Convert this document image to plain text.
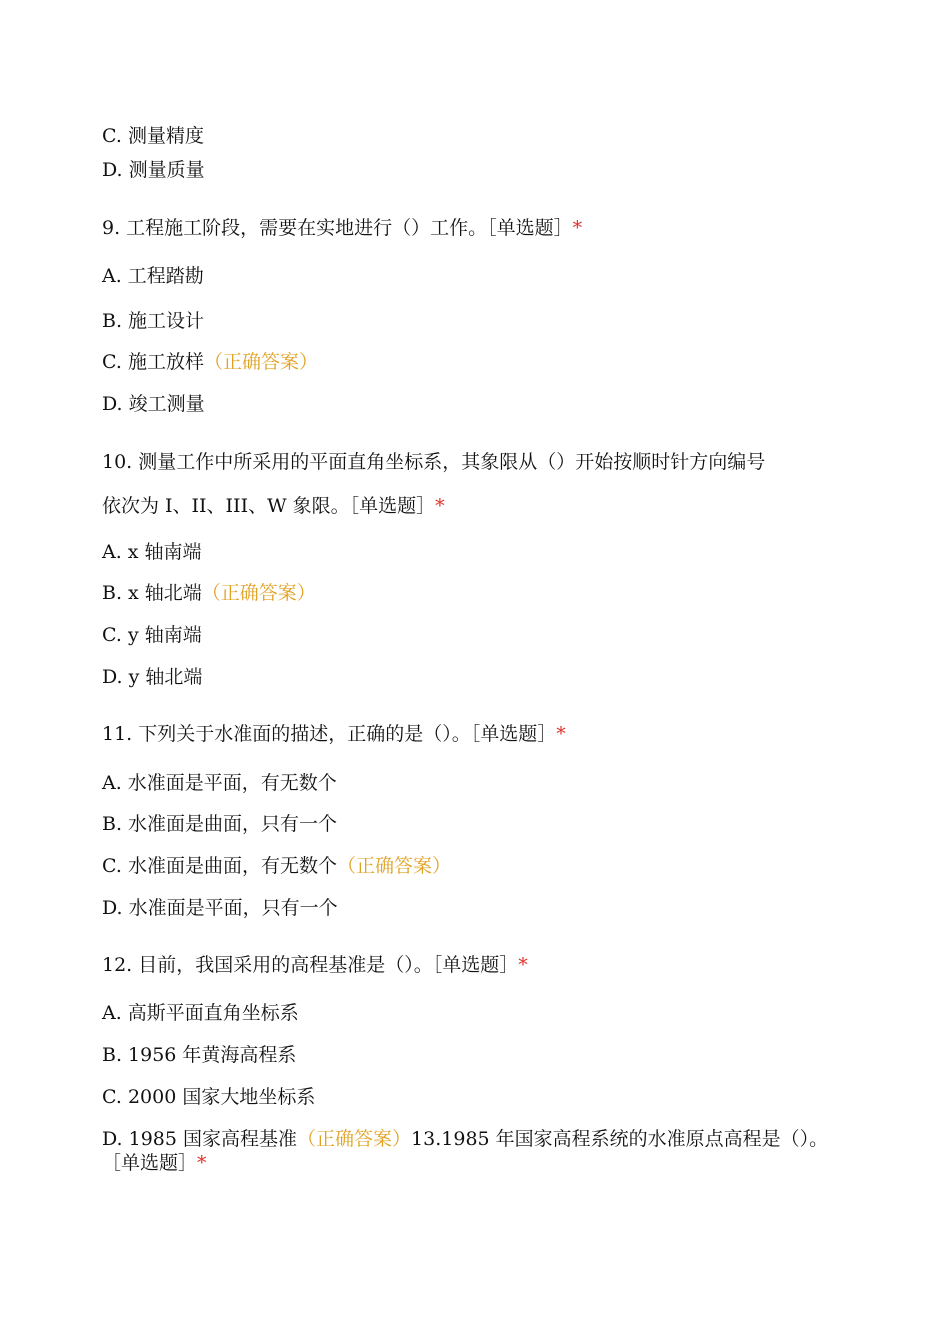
C. 测量精度
D. 测量质量
9. 工程施工阶段，需要在实地进行（）工作。［单选题］*
A. 工程踏勘
B. 施工设计
C. 施工放样（正确答案）
D. 竣工测量
10. 测量工作中所采用的平面直角坐标系，其象限从（）开始按顺时针方向编号
依次为 I、II、III、W 象限。［单选题］*
A. x 轴南端
B. x 轴北端（正确答案）
C. y 轴南端
D. y 轴北端
11. 下列关于水准面的描述，正确的是（）。［单选题］*
A. 水准面是平面，有无数个
B. 水准面是曲面，只有一个
C. 水准面是曲面，有无数个（正确答案）
D. 水准面是平面，只有一个
12. 目前，我国采用的高程基准是（）。［单选题］*
A. 高斯平面直角坐标系
B. 1956 年黄海高程系
C. 2000 国家大地坐标系
D. 1985 国家高程基准（正确答案）13.1985 年国家高程系统的水准原点高程是（）。
［单选题］*
